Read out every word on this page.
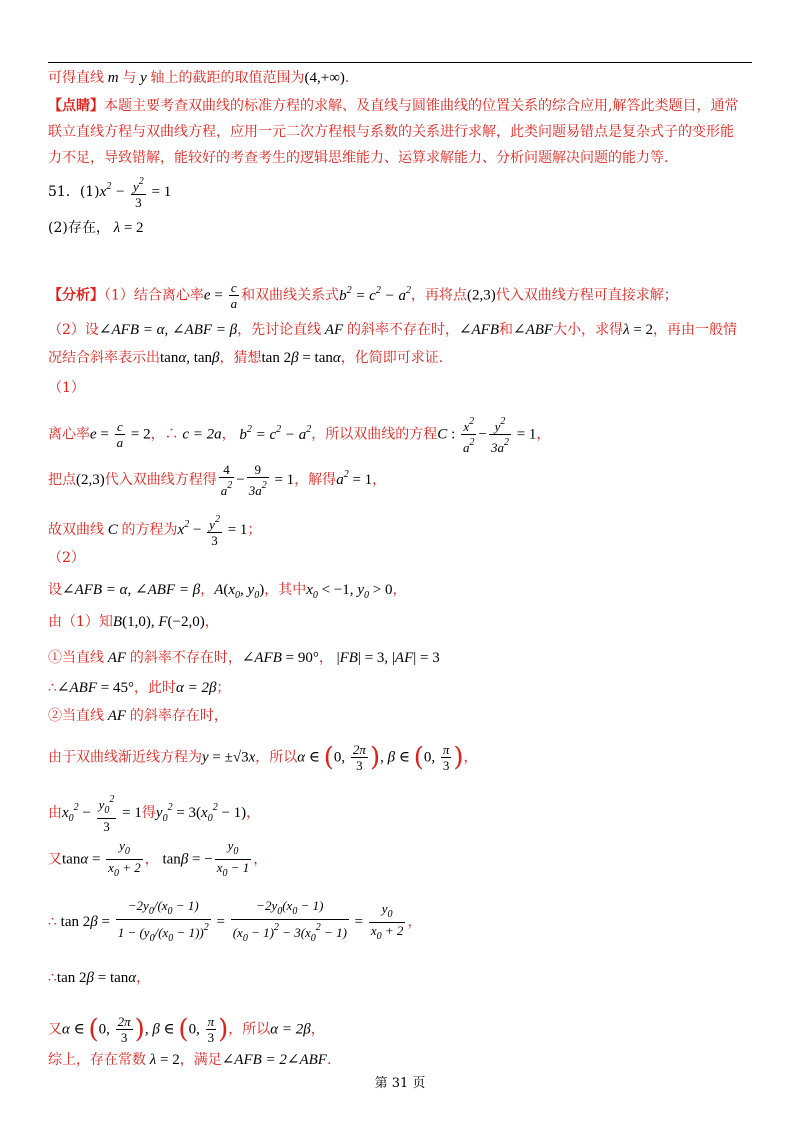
可得直线 m 与 y 轴上的截距的取值范围为(4,+∞).
【点睛】本题主要考查双曲线的标准方程的求解、及直线与圆锥曲线的位置关系的综合应用,解答此类题目，通常
联立直线方程与双曲线方程，应用一元二次方程根与系数的关系进行求解，此类问题易错点是复杂式子的变形能
力不足，导致错解，能较好的考查考生的逻辑思维能力、运算求解能力、分析问题解决问题的能力等.
51．$(1)x^2 - \frac{y^2}{3} = 1$
(2)存在， λ = 2
【分析】（1）结合离心率$e = \frac{c}{a}$ 和双曲线关系式$b^2 = c^2 - a^2$，再将点(2,3)代入双曲线方程可直接求解；
（2）设∠AFB = α, ∠ABF = β，先讨论直线 AF 的斜率不存在时，∠AFB和∠ABF大小，求得λ = 2，再由一般情
况结合斜率表示出tanα, tanβ，猜想tan 2β = tanα，化简即可求证.
（1）
离心率$e = \frac{c}{a} = 2$，∴ c = 2a， $b^2 = c^2 - a^2$，所以双曲线的方程C : $\frac{x^2}{a^2} - \frac{y^2}{3a^2} = 1$，
把点(2,3)代入双曲线方程得 $\frac{4}{a^2} - \frac{9}{3a^2} = 1$，解得$a^2 = 1$，
故双曲线 C 的方程为$x^2 - \frac{y^2}{3} = 1$；
（2）
设∠AFB = α, ∠ABF = β，$A(x_0$, $y_0$)，其中$x_0 < -1$, $y_0 > 0$，
由（1）知B(1,0), F(−2,0)，
①当直线 AF 的斜率不存在时，∠AFB = 90°， |FB| = 3, |AF| = 3
∴∠ABF = 45°，此时α = 2β；
②当直线 AF 的斜率存在时，
由于双曲线渐近线方程为y = ±√3x，所以α ∈ (0, $\frac{2\pi}{3}$ ), β ∈ (0, $\frac{\pi}{3}$ )，
由$x_0^2 - \frac{y_0^2}{3} = 1$得$y_0^2 = 3(x_0^2 - 1)$，
又$\tan\alpha = \frac{y_0}{x_0 + 2}$ ， tanβ = − $\frac{y_0}{x_0 - 1}$ ，
∴ $\tan 2\beta = \frac{-2y_0/(x_0 - 1)}{1 - (y_0/(x_0 - 1))^2} = \frac{-2y_0(x_0 - 1)}{(x_0 - 1)^2 - 3(x_0^2 - 1)} = \frac{y_0}{x_0 + 2}$ ，
∴tan 2β = tanα，
又α ∈ (0, $\frac{2\pi}{3}$ ), β ∈ (0, $\frac{\pi}{3}$ )，所以α = 2β，
综上，存在常数 λ = 2，满足∠AFB = 2∠ABF.
第 31 页
